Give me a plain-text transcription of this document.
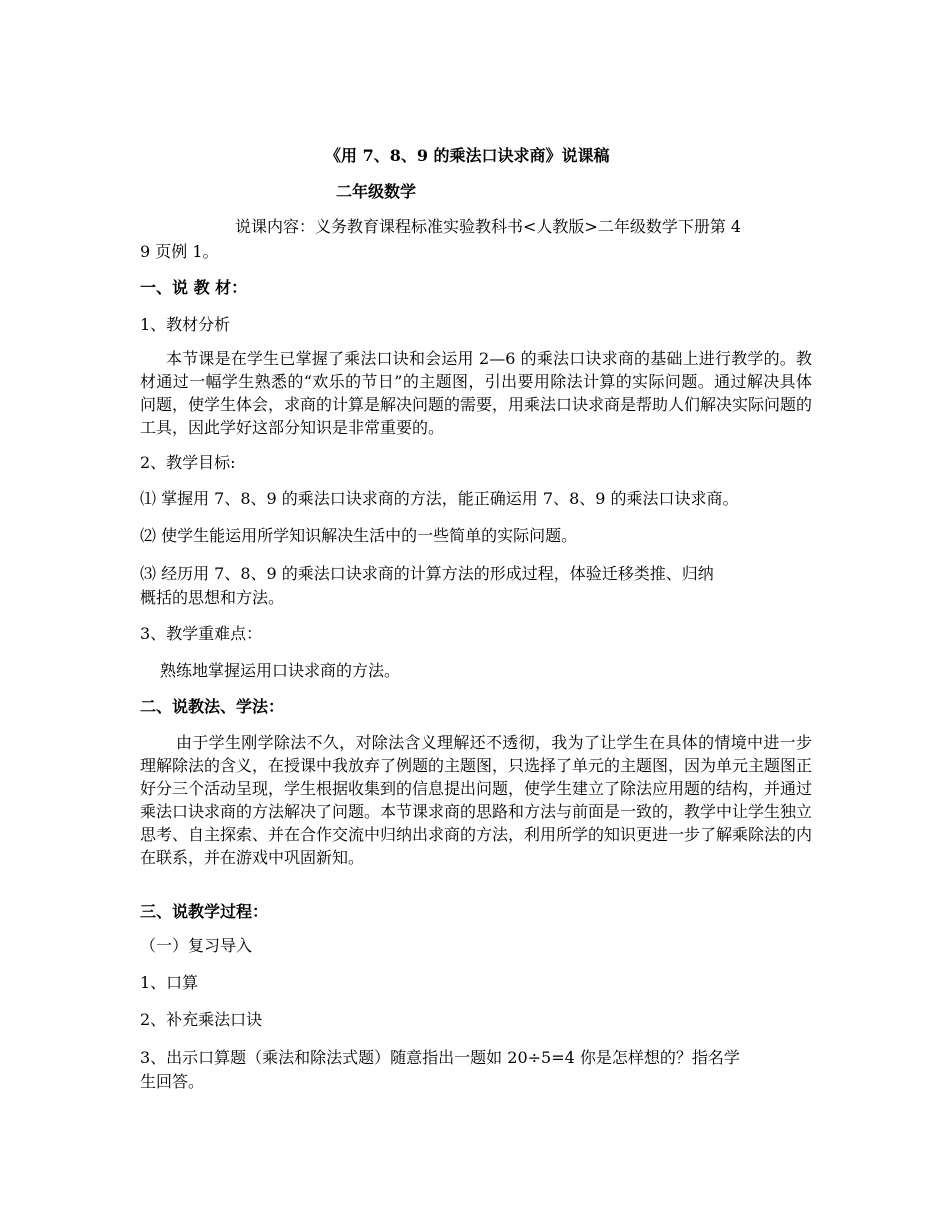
《用 7、8、9 的乘法口诀求商》说课稿
二年级数学
说课内容：义务教育课程标准实验教科书<人教版>二年级数学下册第 4
9 页例 1。
一、说 教 材：
1、教材分析
本节课是在学生已掌握了乘法口诀和会运用 2—6 的乘法口诀求商的基础上进行教学的。教材通过一幅学生熟悉的“欢乐的节日”的主题图，引出要用除法计算的实际问题。通过解决具体问题，使学生体会，求商的计算是解决问题的需要，用乘法口诀求商是帮助人们解决实际问题的工具，因此学好这部分知识是非常重要的。
2、教学目标:
⑴ 掌握用 7、8、9 的乘法口诀求商的方法，能正确运用 7、8、9 的乘法口诀求商。
⑵ 使学生能运用所学知识解决生活中的一些简单的实际问题。
⑶ 经历用 7、8、9 的乘法口诀求商的计算方法的形成过程，体验迁移类推、归纳
概括的思想和方法。
3、教学重难点：
熟练地掌握运用口诀求商的方法。
二、说教法、学法：
由于学生刚学除法不久，对除法含义理解还不透彻，我为了让学生在具体的情境中进一步理解除法的含义，在授课中我放弃了例题的主题图，只选择了单元的主题图，因为单元主题图正好分三个活动呈现，学生根据收集到的信息提出问题，使学生建立了除法应用题的结构，并通过乘法口诀求商的方法解决了问题。本节课求商的思路和方法与前面是一致的，教学中让学生独立思考、自主探索、并在合作交流中归纳出求商的方法，利用所学的知识更进一步了解乘除法的内在联系，并在游戏中巩固新知。
三、说教学过程：
（一）复习导入
1、口算
2、补充乘法口诀
3、出示口算题（乘法和除法式题）随意指出一题如 20÷5=4 你是怎样想的？指名学
生回答。
